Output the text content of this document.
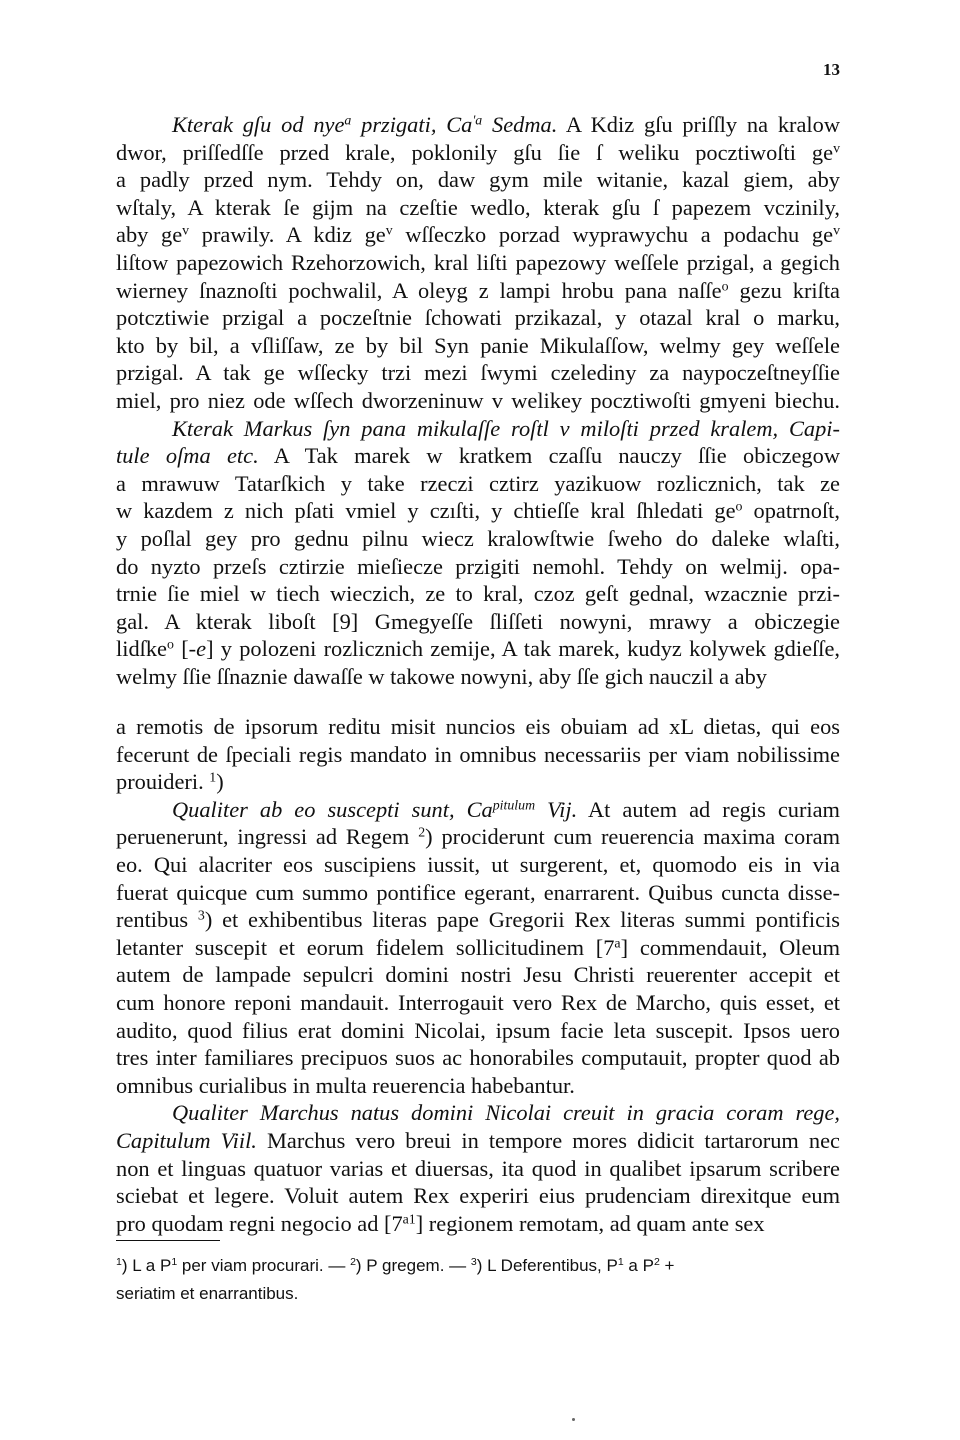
13
Kterak gſu od nye$^a$ przigati, $Ca^{'a}$ Sedma. A Kdiz gſu priſſly na kralow
dwor, priſſedſſe przed krale, poklonily gſu ſie ſ weliku pocztiwoſti $ge^v$
a padly przed nym. Tehdy on, daw gym mile witanie, kazal giem, aby
wſtaly, A kterak ſe gijm na czeſtie wedlo, kterak gſu ſ papezem vczinily,
aby $ge^v$ prawily. A kdiz $ge^v$ wſſeczko porzad wyprawychu a podachu $ge^v$
liſtow papezowich Rzehorzowich, kral liſti papezowy weſſele przigal, a gegich
wierney ſnaznoſti pochwalil, A oleyg z lampi hrobu pana naſſe$^o$ gezu kriſta
potcztiwie przigal a poczeſtnie ſchowati przikazal, y otazal kral o marku,
kto by bil, a vſliſſaw, ze by bil Syn panie Mikulaſſow, welmy gey weſſele
przigal. A tak ge wſſecky trzi mezi ſwymi czelediny za naypoczeſtneyſſie
miel, pro niez ode wſſech dworzeninuw v welikey pocztiwoſti gmyeni biechu.
Kterak Markus ſyn pana mikulaſſe roſtl v miloſti przed kralem, Capi-
tule oſma etc. A Tak marek w kratkem czaſſu nauczy ſſie obiczegow
a mrawuw Tatarſkich y take rzeczi cztirz yazikuow rozlicznich, tak ze
w kazdem z nich pſati vmiel y czıſti, y chtieſſe kral ſhledati $ge^o$ opatrnoſt,
y poſlal gey pro gednu pilnu wiecz kralowſtwie ſweho do daleke wlaſti,
do nyzto przeſs cztirzie mieſiecze przigiti nemohl. Tehdy on welmij. opa-
trnie ſie miel w tiech wieczich, ze to kral, czoz geſt gednal, wzacznie przi-
gal. A kterak liboſt [9] Gmegyeſſe ſliſſeti nowyni, mrawy a obiczegie
lidſke$^o$ [-e] y polozeni rozlicznich zemije, A tak marek, kudyz kolywek gdieſſe,
welmy ſſie ſſnaznie dawaſſe w takowe nowyni, aby ſſe gich nauczil a aby
a remotis de ipsorum reditu misit nuncios eis obuiam ad xL dietas, qui eos
fecerunt de ſpeciali regis mandato in omnibus necessariis per viam nobilissime
prouideri. $^1$)
Qualiter ab eo suscepti sunt, $Ca^{pitulum}$ Vij. At autem ad regis curiam
peruenerunt, ingressi ad Regem $^2$) prociderunt cum reuerencia maxima coram
eo. Qui alacriter eos suscipiens iussit, ut surgerent, et, quomodo eis in via
fuerat quicque cum summo pontifice egerant, enarrarent. Quibus cuncta disse-
rentibus $^3$) et exhibentibus literas pape Gregorii Rex literas summi pontificis
letanter suscepit et eorum fidelem sollicitudinem [7$^a$] commendauit, Oleum
autem de lampade sepulcri domini nostri Jesu Christi reuerenter accepit et
cum honore reponi mandauit. Interrogauit vero Rex de Marcho, quis esset, et
audito, quod filius erat domini Nicolai, ipsum facie leta suscepit. Ipsos uero
tres inter familiares precipuos suos ac honorabiles computauit, propter quod ab
omnibus curialibus in multa reuerencia habebantur.
Qualiter Marchus natus domini Nicolai creuit in gracia coram rege,
Capitulum Viil. Marchus vero breui in tempore mores didicit tartarorum nec
non et linguas quatuor varias et diuersas, ita quod in qualibet ipsarum scribere
sciebat et legere. Voluit autem Rex experiri eius prudenciam direxitque eum
pro quodam regni negocio ad $[7^{a1}]$ regionem remotam, ad quam ante sex
$^1$) L a $P^1$ per viam procurari. — $^2$) P gregem. — $^3$) L Deferentibus, $P^1$ a $P^2$ +
seriatim et enarrantibus.
